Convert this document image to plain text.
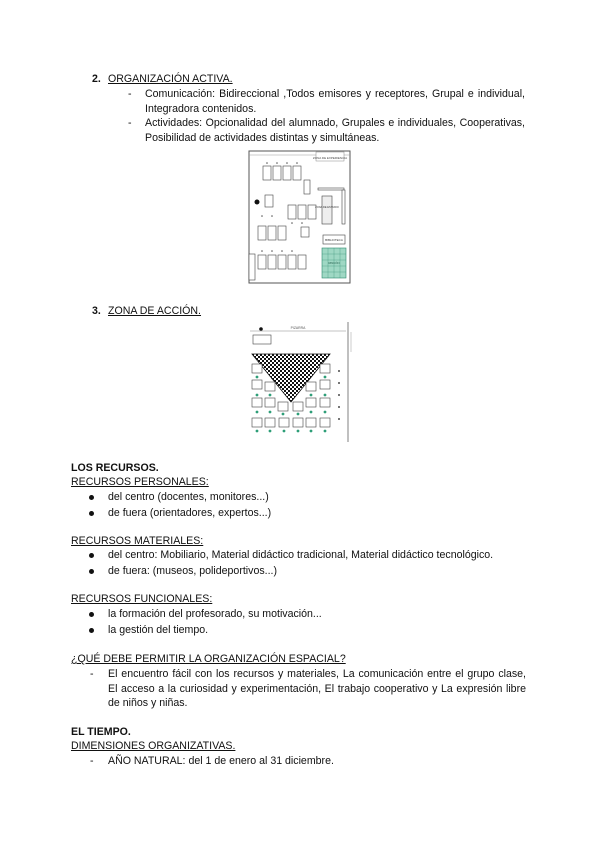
2. ORGANIZACIÓN ACTIVA.
- Comunicación: Bidireccional ,Todos emisores y receptores, Grupal e individual, Integradora contenidos.
- Actividades: Opcionalidad del alumnado, Grupales e individuales, Cooperativas, Posibilidad de actividades distintas y simultáneas.
ZONA DE EXPERIENCIA
ZONA DE ESTUDIO
BIBLIOTECA
RINCÓN
3. ZONA DE ACCIÓN.
PIZARRA
LOS RECURSOS.
RECURSOS PERSONALES:
del centro (docentes, monitores...)
de fuera (orientadores, expertos...)
RECURSOS MATERIALES:
del centro: Mobiliario, Material didáctico tradicional, Material didáctico tecnológico.
de fuera: (museos, polideportivos...)
RECURSOS FUNCIONALES:
la formación del profesorado, su motivación...
la gestión del tiempo.
¿QUÉ DEBE PERMITIR LA ORGANIZACIÓN ESPACIAL?
- El encuentro fácil con los recursos y materiales, La comunicación entre el grupo clase, El acceso a la curiosidad y experimentación, El trabajo cooperativo y La expresión libre de niños y niñas.
EL TIEMPO.
DIMENSIONES ORGANIZATIVAS.
- AÑO NATURAL: del 1 de enero al 31 diciembre.
